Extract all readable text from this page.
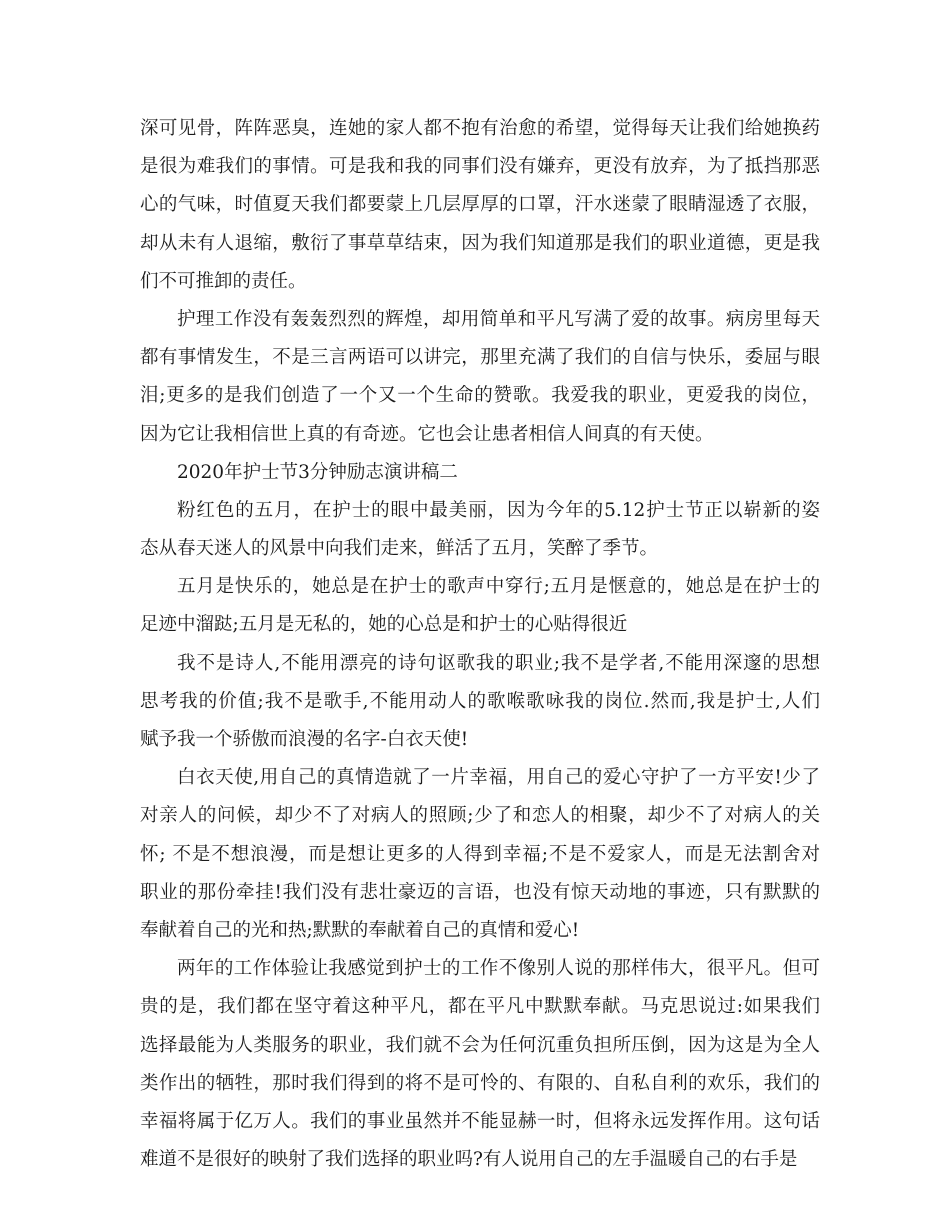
深可见骨，阵阵恶臭，连她的家人都不抱有治愈的希望，觉得每天让我们给她换药
是很为难我们的事情。可是我和我的同事们没有嫌弃，更没有放弃，为了抵挡那恶
心的气味，时值夏天我们都要蒙上几层厚厚的口罩，汗水迷蒙了眼睛湿透了衣服，
却从未有人退缩，敷衍了事草草结束，因为我们知道那是我们的职业道德，更是我
们不可推卸的责任。
护理工作没有轰轰烈烈的辉煌，却用简单和平凡写满了爱的故事。病房里每天
都有事情发生，不是三言两语可以讲完，那里充满了我们的自信与快乐，委屈与眼
泪;更多的是我们创造了一个又一个生命的赞歌。我爱我的职业，更爱我的岗位，
因为它让我相信世上真的有奇迹。它也会让患者相信人间真的有天使。
2020年护士节3分钟励志演讲稿二
粉红色的五月，在护士的眼中最美丽，因为今年的5.12护士节正以崭新的姿
态从春天迷人的风景中向我们走来，鲜活了五月，笑醉了季节。
五月是快乐的，她总是在护士的歌声中穿行;五月是惬意的，她总是在护士的
足迹中溜跶;五月是无私的，她的心总是和护士的心贴得很近
我不是诗人,不能用漂亮的诗句讴歌我的职业;我不是学者,不能用深邃的思想
思考我的价值;我不是歌手,不能用动人的歌喉歌咏我的岗位.然而,我是护士,人们
赋予我一个骄傲而浪漫的名字-白衣天使!
白衣天使,用自己的真情造就了一片幸福，用自己的爱心守护了一方平安!少了
对亲人的问候，却少不了对病人的照顾;少了和恋人的相聚，却少不了对病人的关
怀; 不是不想浪漫，而是想让更多的人得到幸福;不是不爱家人，而是无法割舍对
职业的那份牵挂!我们没有悲壮豪迈的言语，也没有惊天动地的事迹，只有默默的
奉献着自己的光和热;默默的奉献着自己的真情和爱心!
两年的工作体验让我感觉到护士的工作不像别人说的那样伟大，很平凡。但可
贵的是，我们都在坚守着这种平凡，都在平凡中默默奉献。马克思说过:如果我们
选择最能为人类服务的职业，我们就不会为任何沉重负担所压倒，因为这是为全人
类作出的牺牲，那时我们得到的将不是可怜的、有限的、自私自利的欢乐，我们的
幸福将属于亿万人。我们的事业虽然并不能显赫一时，但将永远发挥作用。这句话
难道不是很好的映射了我们选择的职业吗?有人说用自己的左手温暖自己的右手是
